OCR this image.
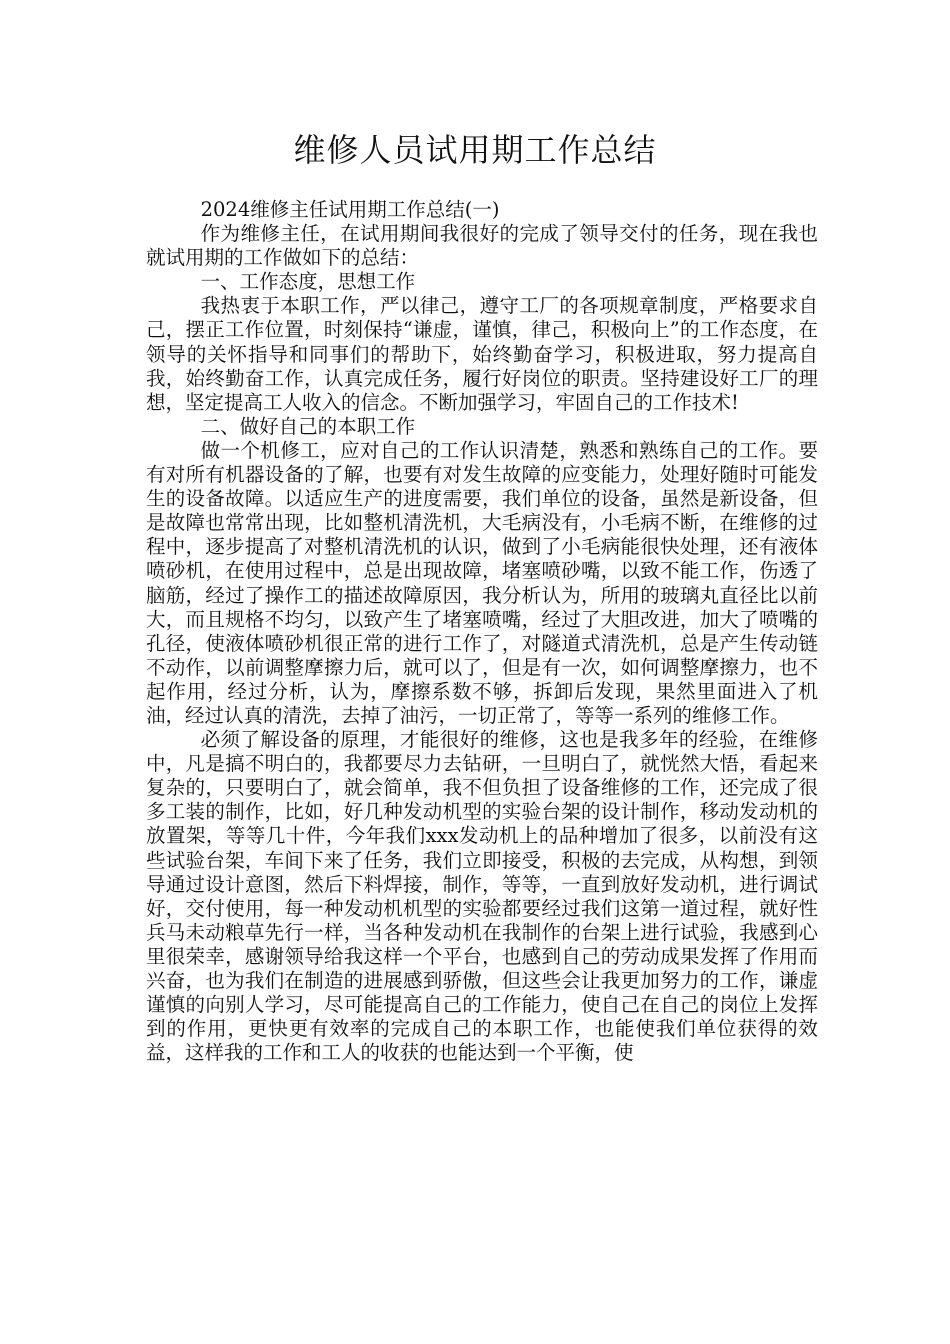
维修人员试用期工作总结

2024维修主任试用期工作总结(一)

作为维修主任，在试用期间我很好的完成了领导交付的任务，现在我也就试用期的工作做如下的总结：

一、工作态度，思想工作

我热衷于本职工作，严以律己，遵守工厂的各项规章制度，严格要求自己，摆正工作位置，时刻保持“谦虚，谨慎，律己，积极向上”的工作态度，在领导的关怀指导和同事们的帮助下，始终勤奋学习，积极进取，努力提高自我，始终勤奋工作，认真完成任务，履行好岗位的职责。坚持建设好工厂的理想，坚定提高工人收入的信念。不断加强学习，牢固自己的工作技术!

二、做好自己的本职工作

做一个机修工，应对自己的工作认识清楚，熟悉和熟练自己的工作。要有对所有机器设备的了解，也要有对发生故障的应变能力，处理好随时可能发生的设备故障。以适应生产的进度需要，我们单位的设备，虽然是新设备，但是故障也常常出现，比如整机清洗机，大毛病没有，小毛病不断，在维修的过程中，逐步提高了对整机清洗机的认识，做到了小毛病能很快处理，还有液体喷砂机，在使用过程中，总是出现故障，堵塞喷砂嘴，以致不能工作，伤透了脑筋，经过了操作工的描述故障原因，我分析认为，所用的玻璃丸直径比以前大，而且规格不均匀，以致产生了堵塞喷嘴，经过了大胆改进，加大了喷嘴的孔径，使液体喷砂机很正常的进行工作了，对隧道式清洗机，总是产生传动链不动作，以前调整摩擦力后，就可以了，但是有一次，如何调整摩擦力，也不起作用，经过分析，认为，摩擦系数不够，拆卸后发现，果然里面进入了机油，经过认真的清洗，去掉了油污，一切正常了，等等一系列的维修工作。

必须了解设备的原理，才能很好的维修，这也是我多年的经验，在维修中，凡是搞不明白的，我都要尽力去钻研，一旦明白了，就恍然大悟，看起来复杂的，只要明白了，就会简单，我不但负担了设备维修的工作，还完成了很多工装的制作，比如，好几种发动机型的实验台架的设计制作，移动发动机的放置架，等等几十件，今年我们xxx发动机上的品种增加了很多，以前没有这些试验台架，车间下来了任务，我们立即接受，积极的去完成，从构想，到领导通过设计意图，然后下料焊接，制作，等等，一直到放好发动机，进行调试好，交付使用，每一种发动机机型的实验都要经过我们这第一道过程，就好性兵马未动粮草先行一样，当各种发动机在我制作的台架上进行试验，我感到心里很荣幸，感谢领导给我这样一个平台，也感到自己的劳动成果发挥了作用而兴奋，也为我们在制造的进展感到骄傲，但这些会让我更加努力的工作，谦虚谨慎的向别人学习，尽可能提高自己的工作能力，使自己在自己的岗位上发挥到的作用，更快更有效率的完成自己的本职工作，也能使我们单位获得的效益，这样我的工作和工人的收获的也能达到一个平衡，使
